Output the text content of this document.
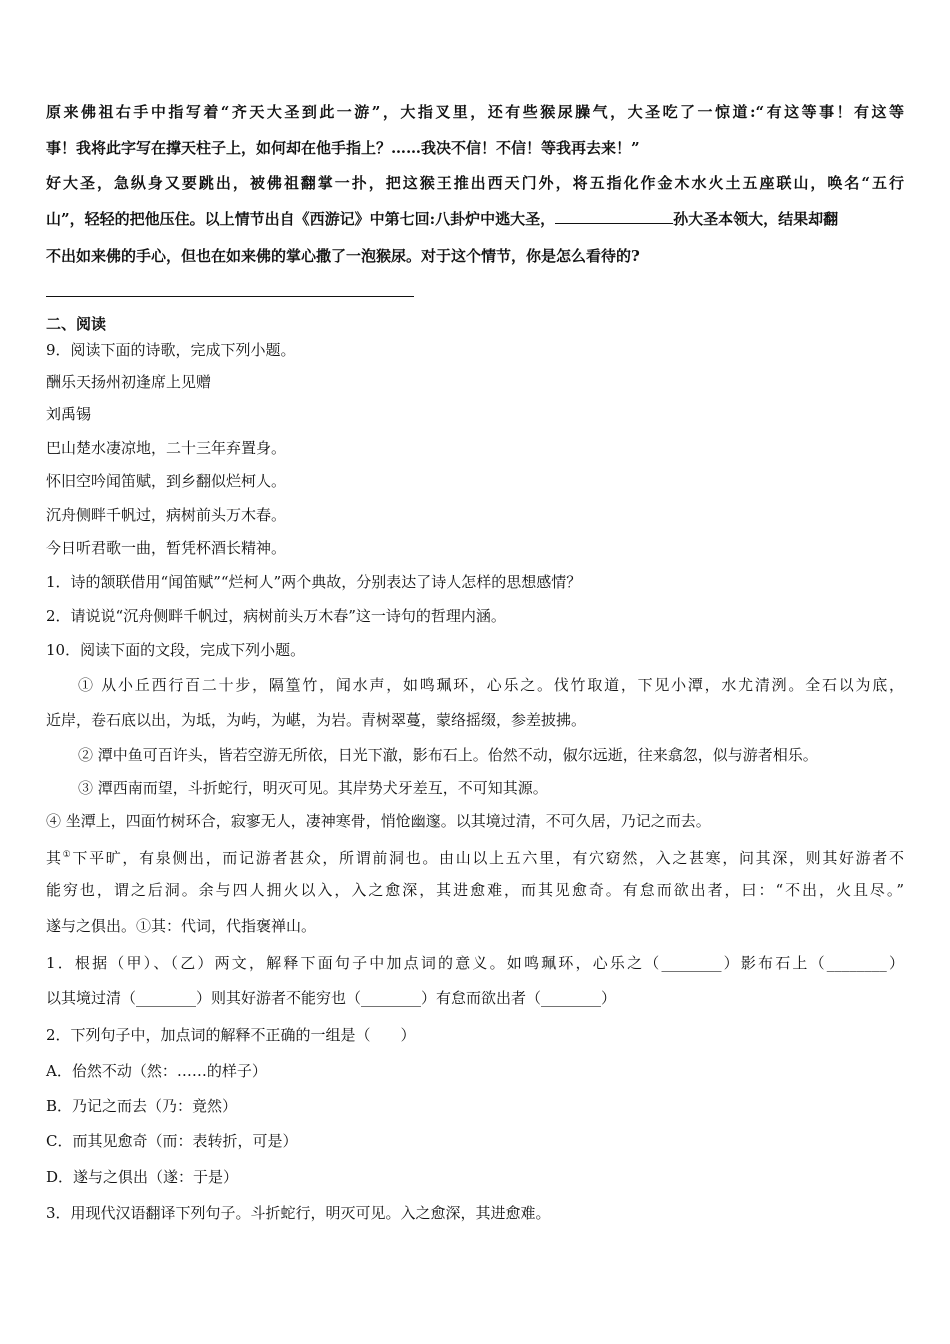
原来佛祖右手中指写着“齐天大圣到此一游”，大指叉里，还有些猴尿臊气，大圣吃了一惊道:“有这等事！有这等
事！我将此字写在撑天柱子上，如何却在他手指上？……我决不信！不信！等我再去来！”
好大圣，急纵身又要跳出，被佛祖翻掌一扑，把这猴王推出西天门外，将五指化作金木水火土五座联山，唤名“五行
山”，轻轻的把他压住。以上情节出自《西游记》中第七回:八卦炉中逃大圣，	孙大圣本领大，结果却翻
不出如来佛的手心，但也在如来佛的掌心撒了一泡猴尿。对于这个情节，你是怎么看待的?
二、阅读
9．阅读下面的诗歌，完成下列小题。
酬乐天扬州初逢席上见赠
刘禹锡
巴山楚水凄凉地，二十三年弃置身。
怀旧空吟闻笛赋，到乡翻似烂柯人。
沉舟侧畔千帆过，病树前头万木春。
今日听君歌一曲，暂凭杯酒长精神。
1．诗的颔联借用“闻笛赋”“烂柯人”两个典故，分别表达了诗人怎样的思想感情？
2．请说说“沉舟侧畔千帆过，病树前头万木春”这一诗句的哲理内涵。
10．阅读下面的文段，完成下列小题。
① 从小丘西行百二十步，隔篁竹，闻水声，如鸣珮环，心乐之。伐竹取道，下见小潭，水尤清洌。全石以为底，
近岸，卷石底以出，为坻，为屿，为嵁，为岩。青树翠蔓，蒙络摇缀，参差披拂。
② 潭中鱼可百许头，皆若空游无所依，日光下澈，影布石上。佁然不动，俶尔远逝，往来翕忽，似与游者相乐。
③ 潭西南而望，斗折蛇行，明灭可见。其岸势犬牙差互，不可知其源。
④ 坐潭上，四面竹树环合，寂寥无人，凄神寒骨，悄怆幽邃。以其境过清，不可久居，乃记之而去。
其①下平旷，有泉侧出，而记游者甚众，所谓前洞也。由山以上五六里，有穴窈然，入之甚寒，问其深，则其好游者不
能穷也，谓之后洞。余与四人拥火以入，入之愈深，其进愈难，而其见愈奇。有怠而欲出者，曰：“不出，火且尽。”
遂与之俱出。①其：代词，代指褒禅山。
1．根据（甲）、（乙）两文，解释下面句子中加点词的意义。如鸣珮环，心乐之（________）影布石上（________）
以其境过清（________）则其好游者不能穷也（________）有怠而欲出者（________）
2．下列句子中，加点词的解释不正确的一组是（　　）
A．佁然不动（然：……的样子）
B．乃记之而去（乃：竟然）
C．而其见愈奇（而：表转折，可是）
D．遂与之俱出（遂：于是）
3．用现代汉语翻译下列句子。斗折蛇行，明灭可见。入之愈深，其进愈难。
